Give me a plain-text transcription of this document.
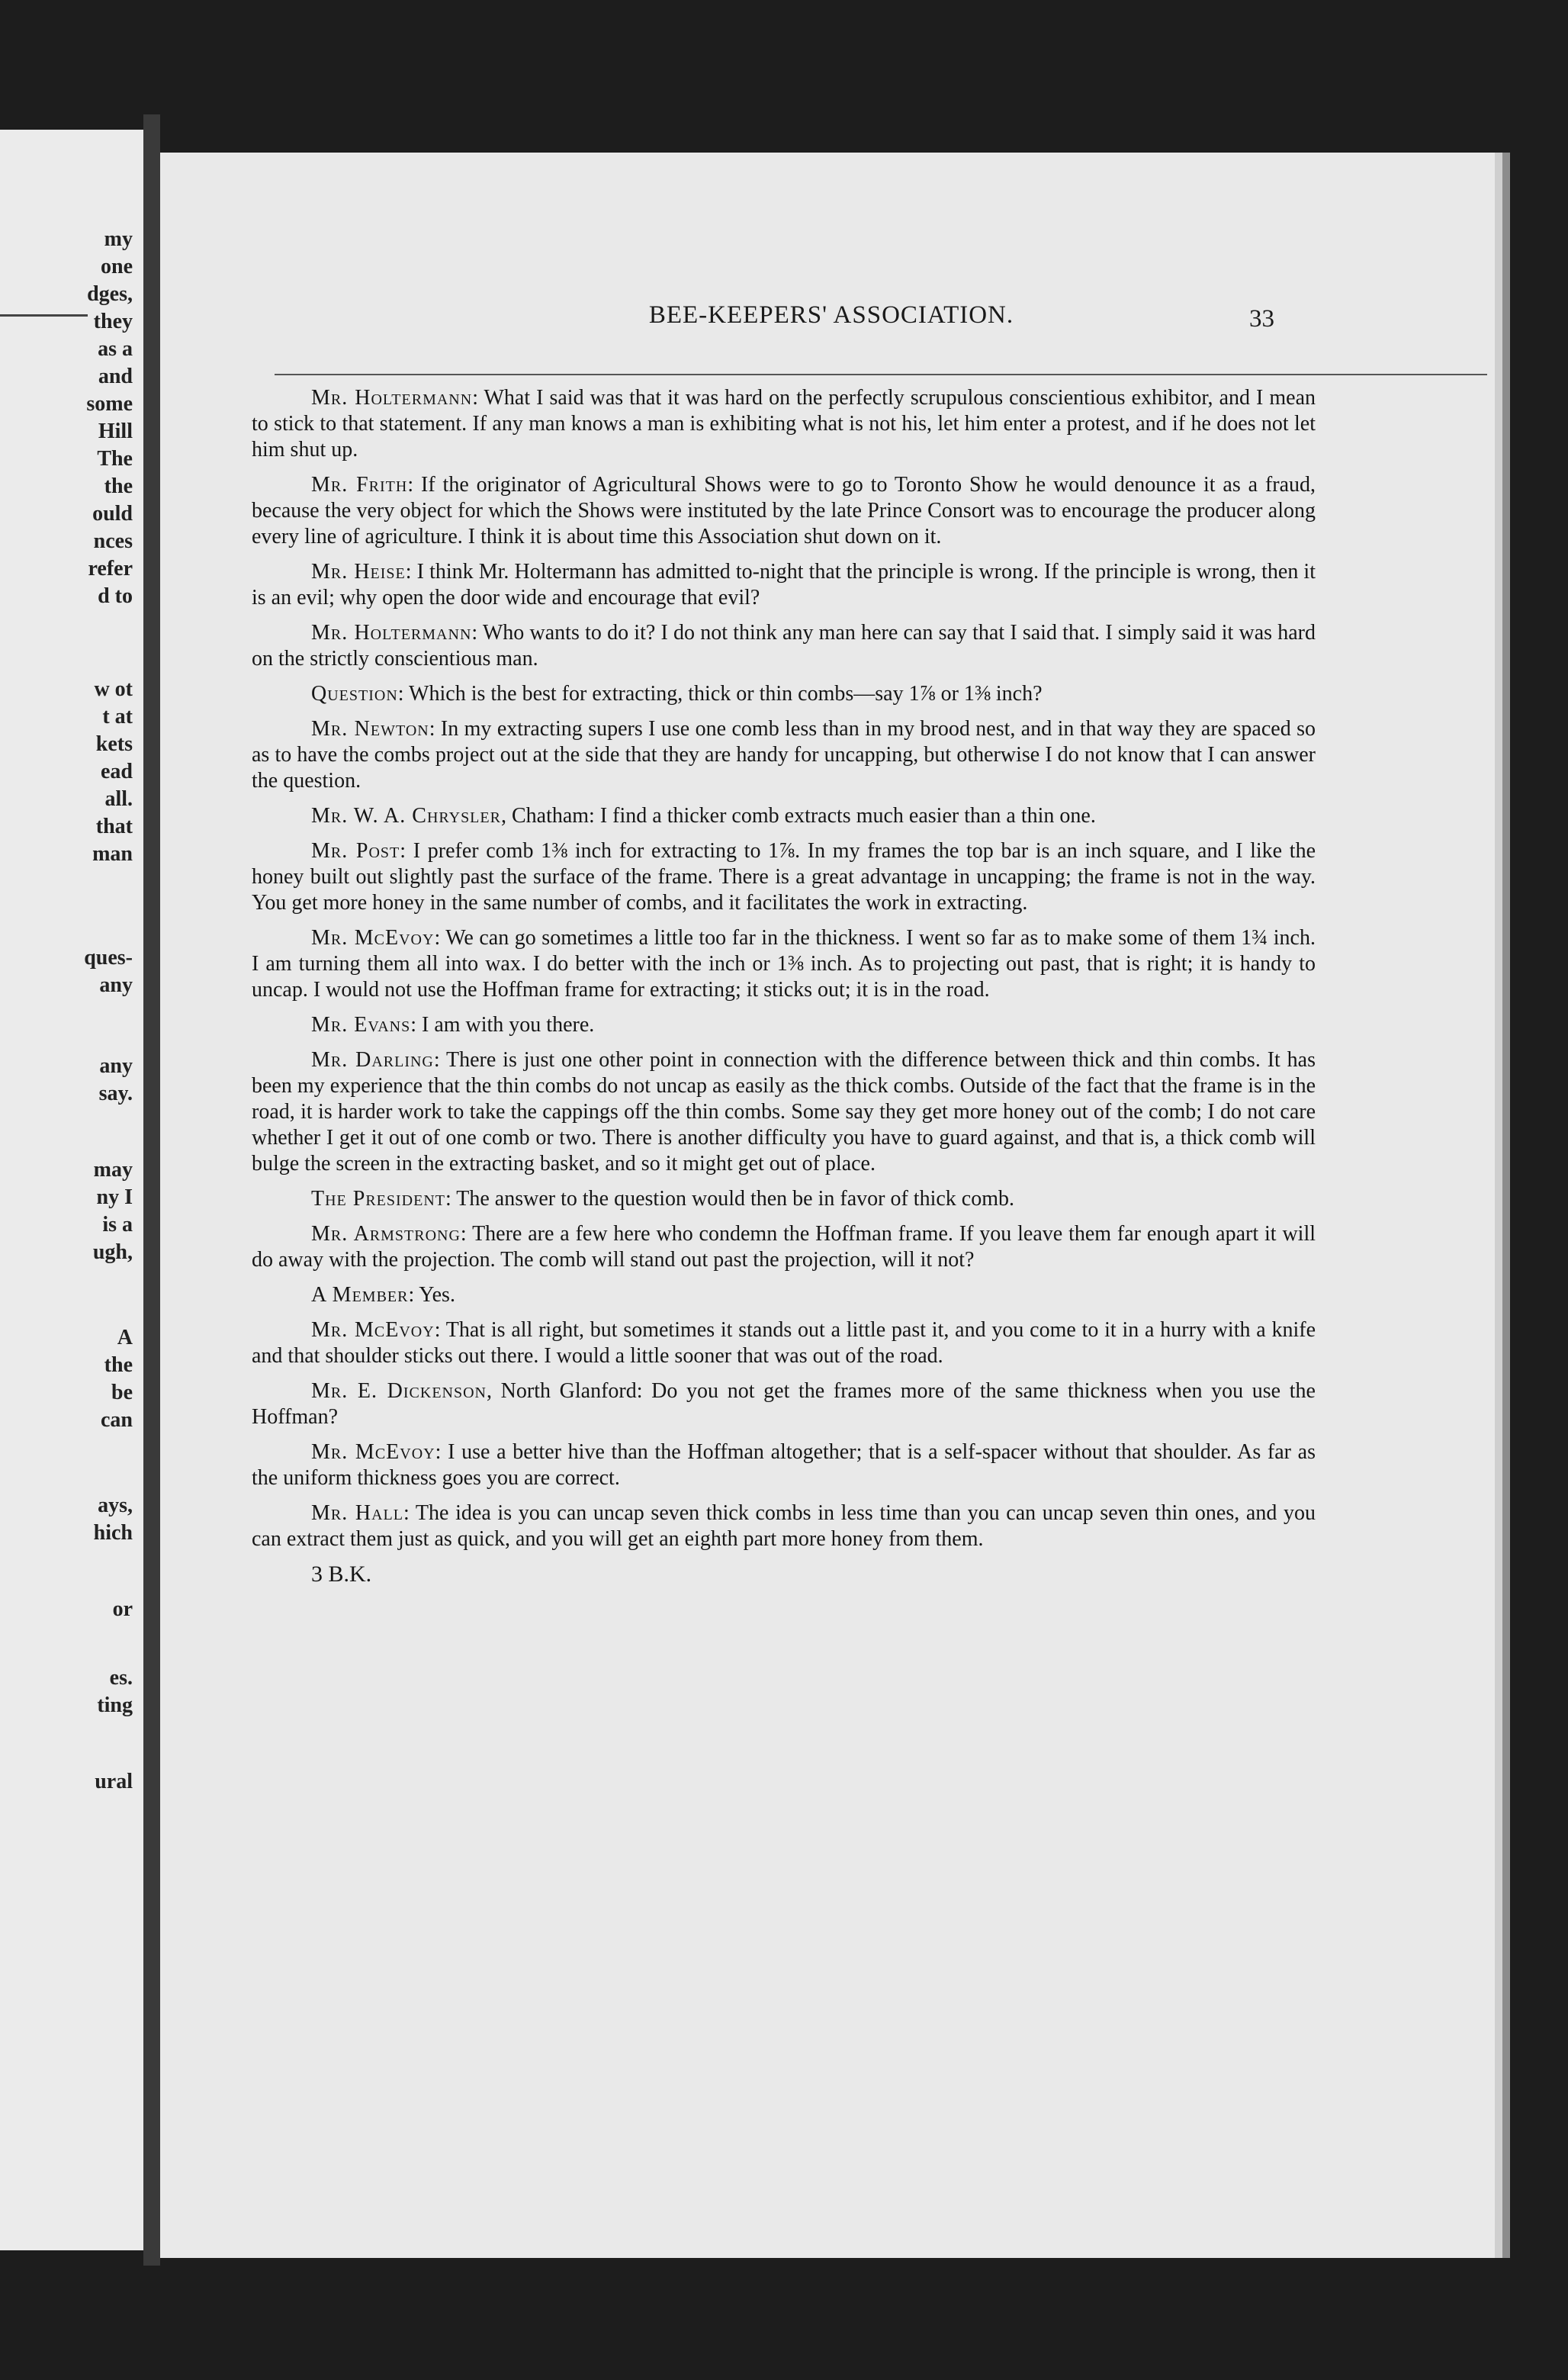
my
one
dges,
they
as a
and
some
Hill
The
the
ould
nces
refer
d to
w ot
t at
kets
ead
all.
that
man
ques-
any
any
say.
may
ny I
is a
ugh,
A
the
be
can
ays,
hich
or
es.
ting
ural
BEE-KEEPERS' ASSOCIATION.	33

Mr. Holtermann: What I said was that it was hard on the perfectly scrupulous conscientious exhibitor, and I mean to stick to that statement. If any man knows a man is exhibiting what is not his, let him enter a protest, and if he does not let him shut up.

Mr. Frith: If the originator of Agricultural Shows were to go to Toronto Show he would denounce it as a fraud, because the very object for which the Shows were instituted by the late Prince Consort was to encourage the producer along every line of agriculture. I think it is about time this Association shut down on it.

Mr. Heise: I think Mr. Holtermann has admitted to-night that the principle is wrong. If the principle is wrong, then it is an evil; why open the door wide and encourage that evil?

Mr. Holtermann: Who wants to do it? I do not think any man here can say that I said that. I simply said it was hard on the strictly conscientious man.

Question: Which is the best for extracting, thick or thin combs—say 1⅞ or 1⅜ inch?

Mr. Newton: In my extracting supers I use one comb less than in my brood nest, and in that way they are spaced so as to have the combs project out at the side that they are handy for uncapping, but otherwise I do not know that I can answer the question.

Mr. W. A. Chrysler, Chatham: I find a thicker comb extracts much easier than a thin one.

Mr. Post: I prefer comb 1⅜ inch for extracting to 1⅞. In my frames the top bar is an inch square, and I like the honey built out slightly past the surface of the frame. There is a great advantage in uncapping; the frame is not in the way. You get more honey in the same number of combs, and it facilitates the work in extracting.

Mr. McEvoy: We can go sometimes a little too far in the thickness. I went so far as to make some of them 1¾ inch. I am turning them all into wax. I do better with the inch or 1⅜ inch. As to projecting out past, that is right; it is handy to uncap. I would not use the Hoffman frame for extracting; it sticks out; it is in the road.

Mr. Evans: I am with you there.

Mr. Darling: There is just one other point in connection with the difference between thick and thin combs. It has been my experience that the thin combs do not uncap as easily as the thick combs. Outside of the fact that the frame is in the road, it is harder work to take the cappings off the thin combs. Some say they get more honey out of the comb; I do not care whether I get it out of one comb or two. There is another difficulty you have to guard against, and that is, a thick comb will bulge the screen in the extracting basket, and so it might get out of place.

The President: The answer to the question would then be in favor of thick comb.

Mr. Armstrong: There are a few here who condemn the Hoffman frame. If you leave them far enough apart it will do away with the projection. The comb will stand out past the projection, will it not?

A Member: Yes.

Mr. McEvoy: That is all right, but sometimes it stands out a little past it, and you come to it in a hurry with a knife and that shoulder sticks out there. I would a little sooner that was out of the road.

Mr. E. Dickenson, North Glanford: Do you not get the frames more of the same thickness when you use the Hoffman?

Mr. McEvoy: I use a better hive than the Hoffman altogether; that is a self-spacer without that shoulder. As far as the uniform thickness goes you are correct.

Mr. Hall: The idea is you can uncap seven thick combs in less time than you can uncap seven thin ones, and you can extract them just as quick, and you will get an eighth part more honey from them.

3 B.K.
